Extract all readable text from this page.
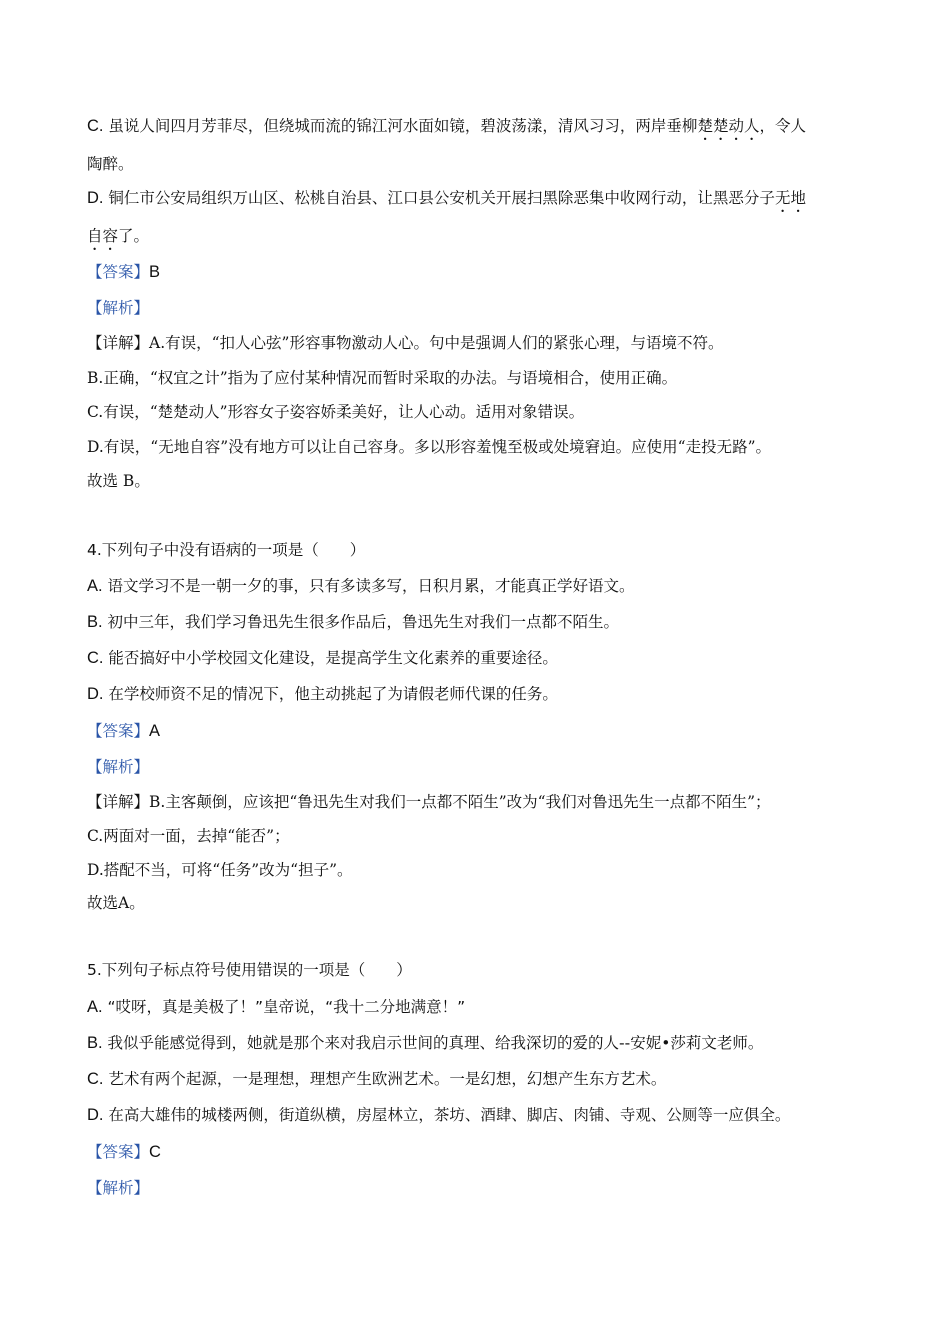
C. 虽说人间四月芳菲尽，但绕城而流的锦江河水面如镜，碧波荡漾，清风习习，两岸垂柳楚楚动人，令人
陶醉。
D. 铜仁市公安局组织万山区、松桃自治县、江口县公安机关开展扫黑除恶集中收网行动，让黑恶分子无地
自容了。
【答案】B
【解析】
【详解】A.有误，“扣人心弦”形容事物激动人心。句中是强调人们的紧张心理，与语境不符。
B.正确，“权宜之计”指为了应付某种情况而暂时采取的办法。与语境相合，使用正确。
C.有误，“楚楚动人”形容女子姿容娇柔美好，让人心动。适用对象错误。
D.有误，“无地自容”没有地方可以让自己容身。多以形容羞愧至极或处境窘迫。应使用“走投无路”。
故选 B。
4.下列句子中没有语病的一项是（　　）
A. 语文学习不是一朝一夕的事，只有多读多写，日积月累，才能真正学好语文。
B. 初中三年，我们学习鲁迅先生很多作品后，鲁迅先生对我们一点都不陌生。
C. 能否搞好中小学校园文化建设，是提高学生文化素养的重要途径。
D. 在学校师资不足的情况下，他主动挑起了为请假老师代课的任务。
【答案】A
【解析】
【详解】B.主客颠倒，应该把“鲁迅先生对我们一点都不陌生”改为“我们对鲁迅先生一点都不陌生”；
C.两面对一面，去掉“能否”；
D.搭配不当，可将“任务”改为“担子”。
故选A。
5.下列句子标点符号使用错误的一项是（　　）
A. “哎呀，真是美极了！”皇帝说，“我十二分地满意！”
B. 我似乎能感觉得到，她就是那个来对我启示世间的真理、给我深切的爱的人--安妮•莎莉文老师。
C. 艺术有两个起源，一是理想，理想产生欧洲艺术。一是幻想，幻想产生东方艺术。
D. 在高大雄伟的城楼两侧，街道纵横，房屋林立，茶坊、酒肆、脚店、肉铺、寺观、公厕等一应俱全。
【答案】C
【解析】
